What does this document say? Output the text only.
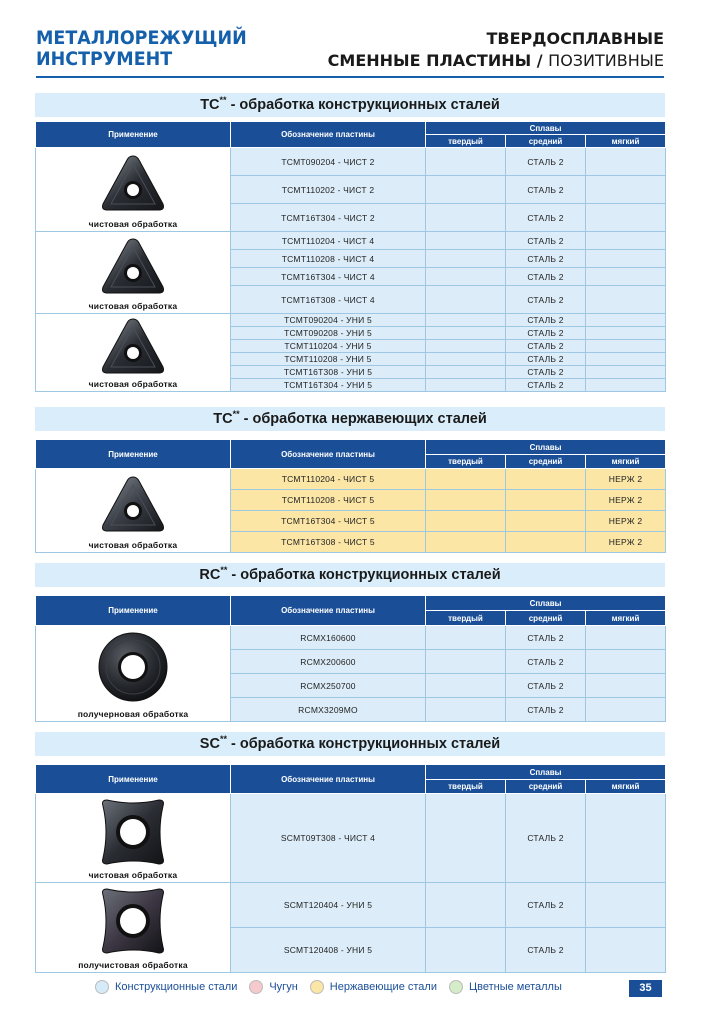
МЕТАЛЛОРЕЖУЩИЙ
ИНСТРУМЕНТ
ТВЕРДОСПЛАВНЫЕ
СМЕННЫЕ ПЛАСТИНЫ / ПОЗИТИВНЫЕ
TC** - обработка конструкционных сталей
Применение	Обозначение пластины	Сплавы		
		твердый	средний	мягкий

чистовая обработка	TCMT090204 - ЧИСТ 2		СТАЛЬ 2	
	TCMT110202 - ЧИСТ 2		СТАЛЬ 2	
	TCMT16T304 - ЧИСТ 2		СТАЛЬ 2	

чистовая обработка	TCMT110204 - ЧИСТ 4		СТАЛЬ 2	
	TCMT110208 - ЧИСТ 4		СТАЛЬ 2	
	TCMT16T304 - ЧИСТ 4		СТАЛЬ 2	
	TCMT16T308 - ЧИСТ 4		СТАЛЬ 2	

чистовая обработка	TCMT090204 - УНИ 5		СТАЛЬ 2	
	TCMT090208 - УНИ 5		СТАЛЬ 2	
	TCMT110204 - УНИ 5		СТАЛЬ 2	
	TCMT110208 - УНИ 5		СТАЛЬ 2	
	TCMT16T308 - УНИ 5		СТАЛЬ 2	
	TCMT16T304 - УНИ 5		СТАЛЬ 2	
TC** - обработка нержавеющих сталей
Применение	Обозначение пластины	Сплавы		
		твердый	средний	мягкий

чистовая обработка	TCMT110204 - ЧИСТ 5			НЕРЖ 2
	TCMT110208 - ЧИСТ 5			НЕРЖ 2
	TCMT16T304 - ЧИСТ 5			НЕРЖ 2
	TCMT16T308 - ЧИСТ 5			НЕРЖ 2
RC** - обработка конструкционных сталей
Применение	Обозначение пластины	Сплавы		
		твердый	средний	мягкий

получерновая обработка	RCMX160600		СТАЛЬ 2	
	RCMX200600		СТАЛЬ 2	
	RCMX250700		СТАЛЬ 2	
	RCMX3209MO		СТАЛЬ 2	
SC** - обработка конструкционных сталей
Применение	Обозначение пластины	Сплавы		
		твердый	средний	мягкий

чистовая обработка	SCMT09T308 - ЧИСТ 4		СТАЛЬ 2	

получистовая обработка	SCMT120404 - УНИ 5		СТАЛЬ 2	
	SCMT120408 - УНИ 5		СТАЛЬ 2	
Конструкционные стали	Чугун	Нержавеющие стали	Цветные металлы	35
